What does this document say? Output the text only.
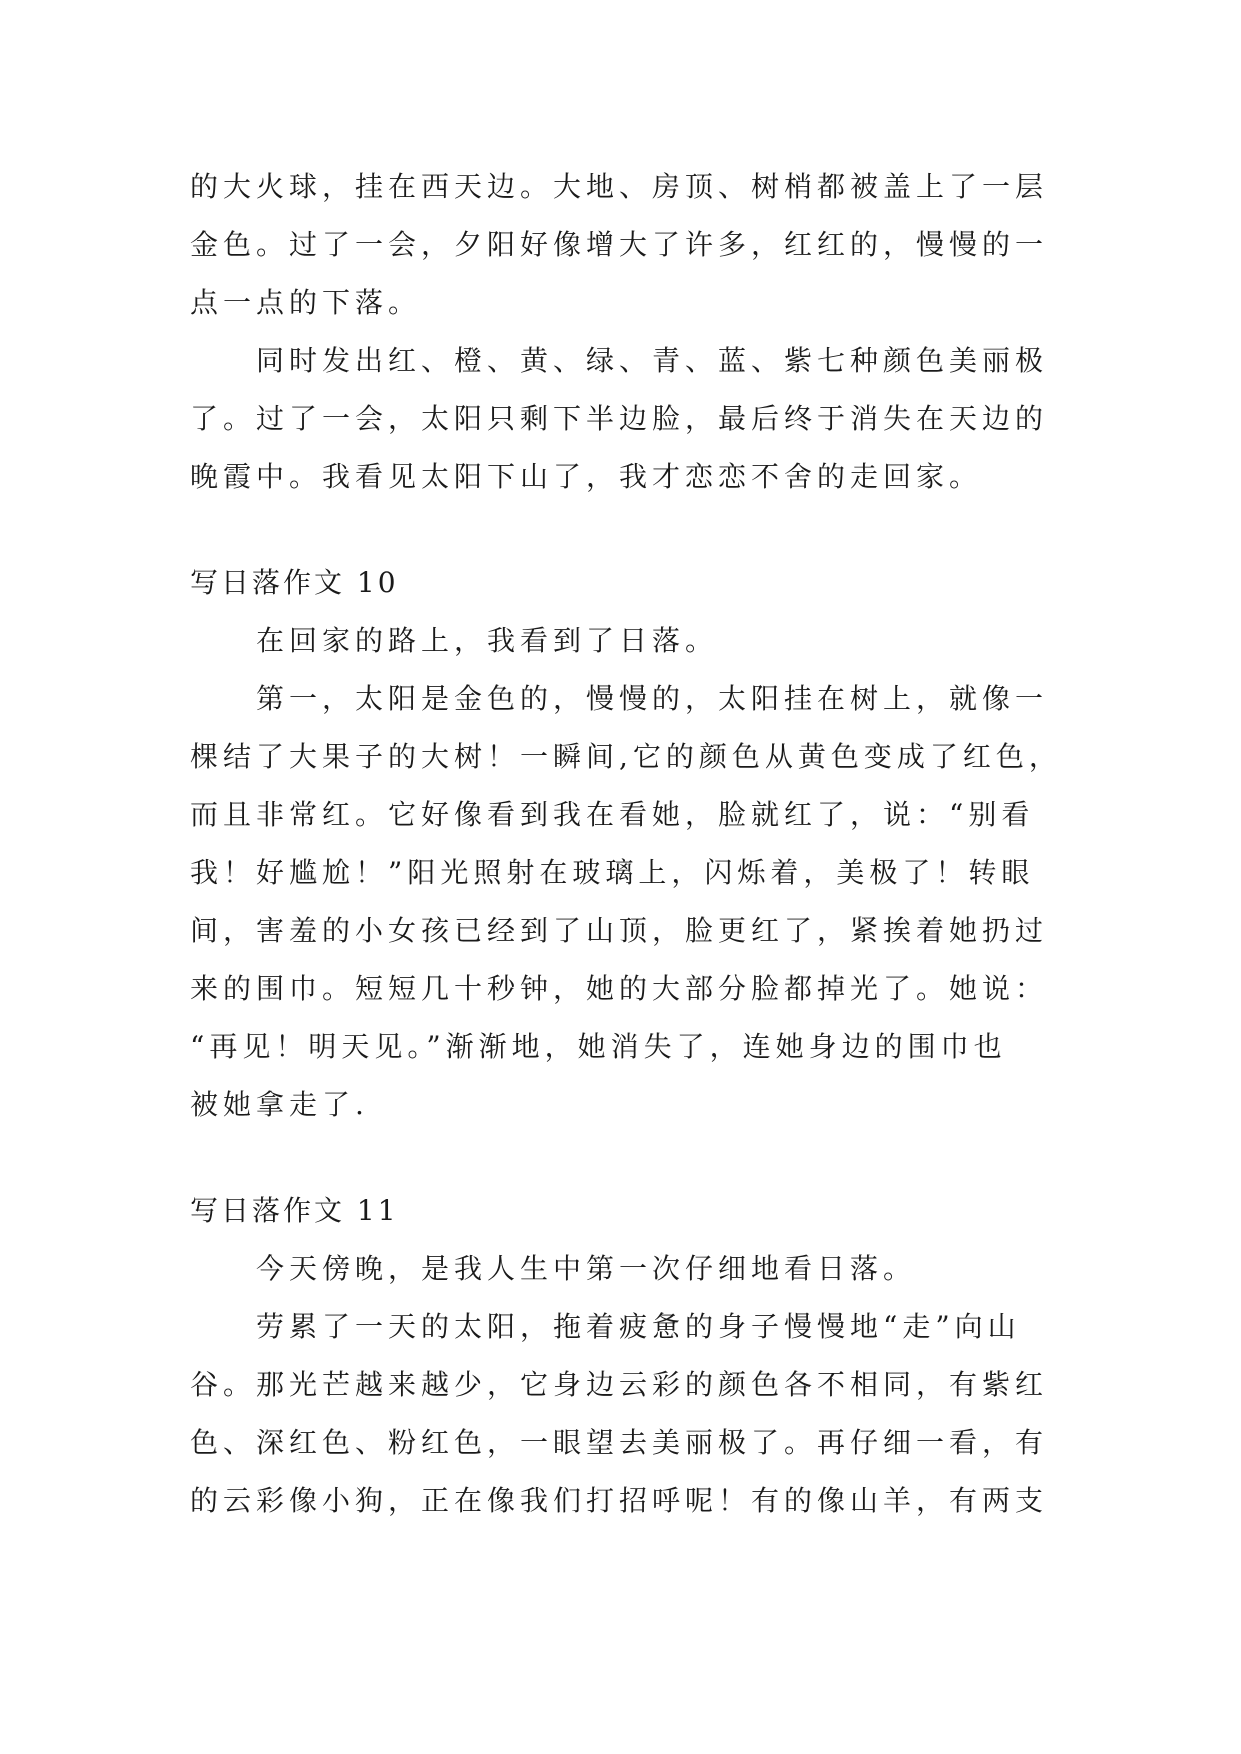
的大火球，挂在西天边。大地、房顶、树梢都被盖上了一层
金色。过了一会，夕阳好像增大了许多，红红的，慢慢的一
点一点的下落。
同时发出红、橙、黄、绿、青、蓝、紫七种颜色美丽极
了。过了一会，太阳只剩下半边脸，最后终于消失在天边的
晚霞中。我看见太阳下山了，我才恋恋不舍的走回家。
写日落作文 10
在回家的路上，我看到了日落。
第一，太阳是金色的，慢慢的，太阳挂在树上，就像一
棵结了大果子的大树！一瞬间,它的颜色从黄色变成了红色，
而且非常红。它好像看到我在看她，脸就红了，说：“别看
我！好尴尬！”阳光照射在玻璃上，闪烁着，美极了！转眼
间，害羞的小女孩已经到了山顶，脸更红了，紧挨着她扔过
来的围巾。短短几十秒钟，她的大部分脸都掉光了。她说：
“再见！明天见。”渐渐地，她消失了，连她身边的围巾也
被她拿走了.
写日落作文 11
今天傍晚，是我人生中第一次仔细地看日落。
劳累了一天的太阳，拖着疲惫的身子慢慢地“走”向山
谷。那光芒越来越少，它身边云彩的颜色各不相同，有紫红
色、深红色、粉红色，一眼望去美丽极了。再仔细一看，有
的云彩像小狗，正在像我们打招呼呢！有的像山羊，有两支
